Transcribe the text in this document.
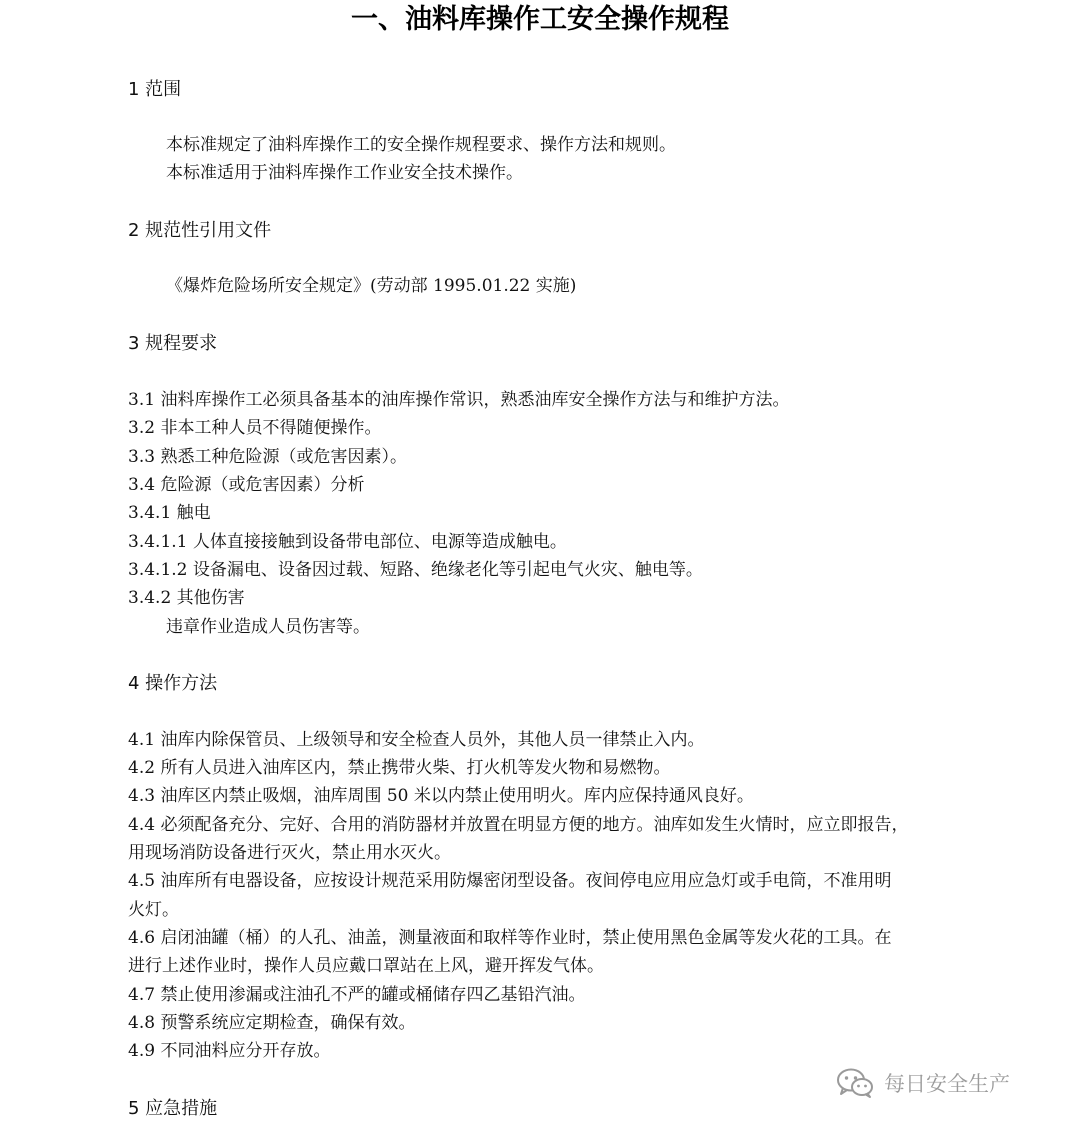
一、油料库操作工安全操作规程
1 范围
本标准规定了油料库操作工的安全操作规程要求、操作方法和规则。
本标准适用于油料库操作工作业安全技术操作。
2 规范性引用文件
《爆炸危险场所安全规定》(劳动部 1995.01.22 实施)
3 规程要求
3.1 油料库操作工必须具备基本的油库操作常识，熟悉油库安全操作方法与和维护方法。
3.2 非本工种人员不得随便操作。
3.3 熟悉工种危险源（或危害因素）。
3.4 危险源（或危害因素）分析
3.4.1 触电
3.4.1.1 人体直接接触到设备带电部位、电源等造成触电。
3.4.1.2 设备漏电、设备因过载、短路、绝缘老化等引起电气火灾、触电等。
3.4.2 其他伤害
违章作业造成人员伤害等。
4 操作方法
4.1 油库内除保管员、上级领导和安全检查人员外，其他人员一律禁止入内。
4.2 所有人员进入油库区内，禁止携带火柴、打火机等发火物和易燃物。
4.3 油库区内禁止吸烟，油库周围 50 米以内禁止使用明火。库内应保持通风良好。
4.4 必须配备充分、完好、合用的消防器材并放置在明显方便的地方。油库如发生火情时，应立即报告，
用现场消防设备进行灭火，禁止用水灭火。
4.5 油库所有电器设备，应按设计规范采用防爆密闭型设备。夜间停电应用应急灯或手电筒，不准用明
火灯。
4.6 启闭油罐（桶）的人孔、油盖，测量液面和取样等作业时，禁止使用黑色金属等发火花的工具。在
进行上述作业时，操作人员应戴口罩站在上风，避开挥发气体。
4.7 禁止使用渗漏或注油孔不严的罐或桶储存四乙基铅汽油。
4.8 预警系统应定期检查，确保有效。
4.9 不同油料应分开存放。
5 应急措施
每日安全生产
